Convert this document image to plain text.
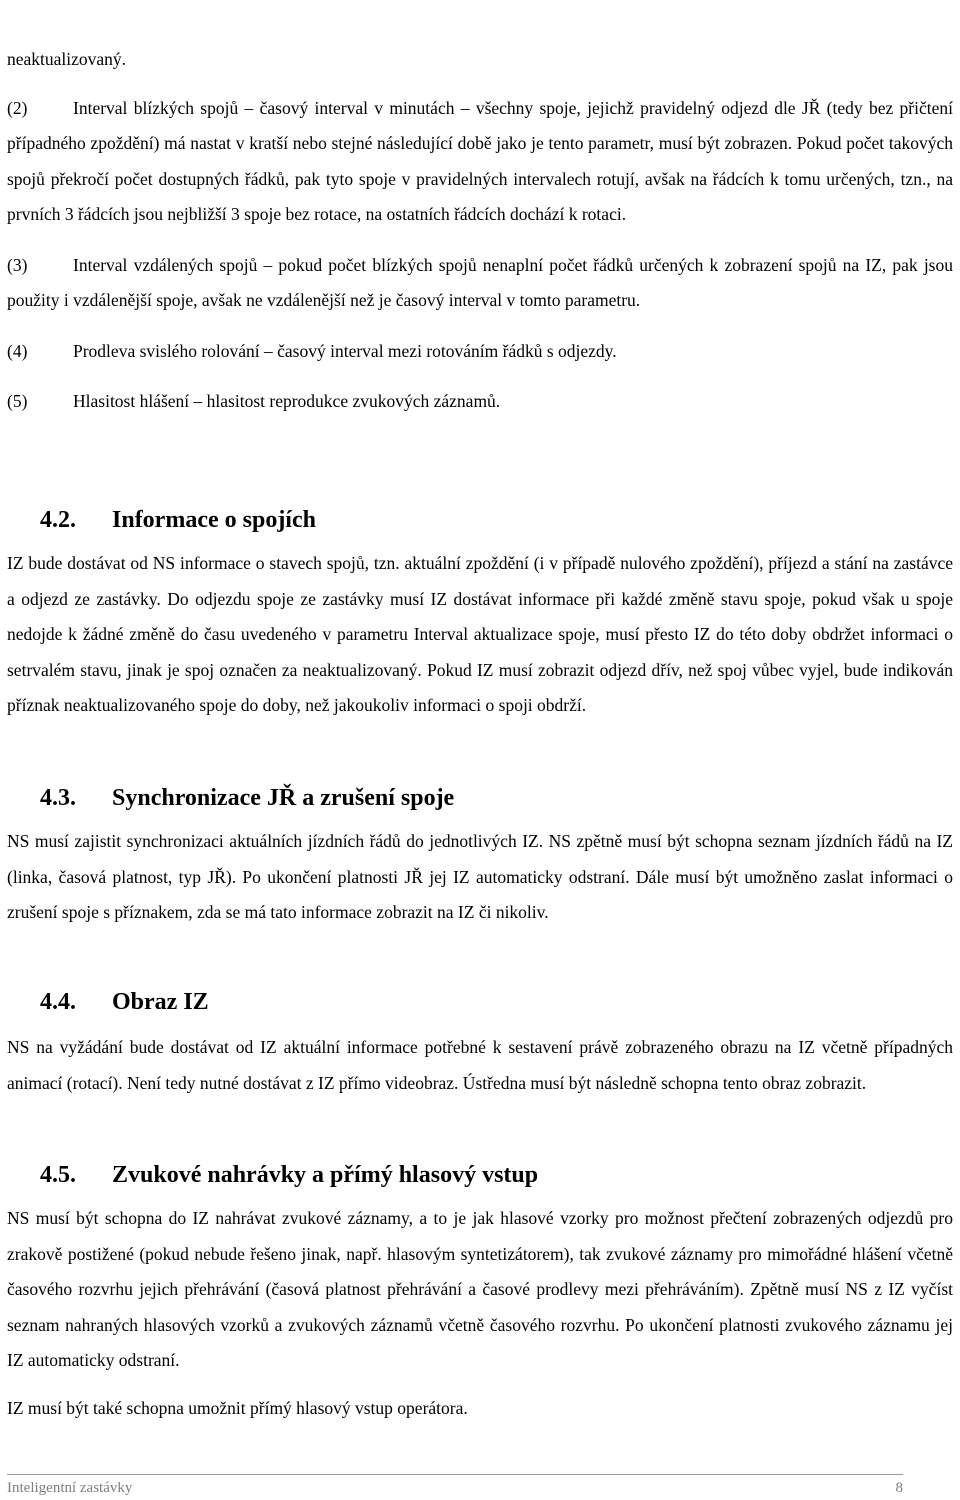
neaktualizovaný.

(2)	Interval blízkých spojů – časový interval v minutách – všechny spoje, jejichž pravidelný odjezd dle JŘ (tedy bez přičtení případného zpoždění) má nastat v kratší nebo stejné následující době jako je tento parametr, musí být zobrazen. Pokud počet takových spojů překročí počet dostupných řádků, pak tyto spoje v pravidelných intervalech rotují, avšak na řádcích k tomu určených, tzn., na prvních 3 řádcích jsou nejbližší 3 spoje bez rotace, na ostatních řádcích dochází k rotaci.

(3)	Interval vzdálených spojů – pokud počet blízkých spojů nenaplní počet řádků určených k zobrazení spojů na IZ, pak jsou použity i vzdálenější spoje, avšak ne vzdálenější než je časový interval v tomto parametru.

(4)	Prodleva svislého rolování – časový interval mezi rotováním řádků s odjezdy.

(5)	Hlasitost hlášení – hlasitost reprodukce zvukových záznamů.

4.2. Informace o spojích

IZ bude dostávat od NS informace o stavech spojů, tzn. aktuální zpoždění (i v případě nulového zpoždění), příjezd a stání na zastávce a odjezd ze zastávky. Do odjezdu spoje ze zastávky musí IZ dostávat informace při každé změně stavu spoje, pokud však u spoje nedojde k žádné změně do času uvedeného v parametru Interval aktualizace spoje, musí přesto IZ do této doby obdržet informaci o setrvalém stavu, jinak je spoj označen za neaktualizovaný. Pokud IZ musí zobrazit odjezd dřív, než spoj vůbec vyjel, bude indikován příznak neaktualizovaného spoje do doby, než jakoukoliv informaci o spoji obdrží.

4.3. Synchronizace JŘ a zrušení spoje

NS musí zajistit synchronizaci aktuálních jízdních řádů do jednotlivých IZ. NS zpětně musí být schopna seznam jízdních řádů na IZ (linka, časová platnost, typ JŘ). Po ukončení platnosti JŘ jej IZ automaticky odstraní. Dále musí být umožněno zaslat informaci o zrušení spoje s příznakem, zda se má tato informace zobrazit na IZ či nikoliv.

4.4. Obraz IZ

NS na vyžádání bude dostávat od IZ aktuální informace potřebné k sestavení právě zobrazeného obrazu na IZ včetně případných animací (rotací). Není tedy nutné dostávat z IZ přímo videobraz. Ústředna musí být následně schopna tento obraz zobrazit.

4.5. Zvukové nahrávky a přímý hlasový vstup

NS musí být schopna do IZ nahrávat zvukové záznamy, a to je jak hlasové vzorky pro možnost přečtení zobrazených odjezdů pro zrakově postižené (pokud nebude řešeno jinak, např. hlasovým syntetizátorem), tak zvukové záznamy pro mimořádné hlášení včetně časového rozvrhu jejich přehrávání (časová platnost přehrávání a časové prodlevy mezi přehráváním). Zpětně musí NS z IZ vyčíst seznam nahraných hlasových vzorků a zvukových záznamů včetně časového rozvrhu. Po ukončení platnosti zvukového záznamu jej IZ automaticky odstraní.

IZ musí být také schopna umožnit přímý hlasový vstup operátora.

Inteligentní zastávky	8
